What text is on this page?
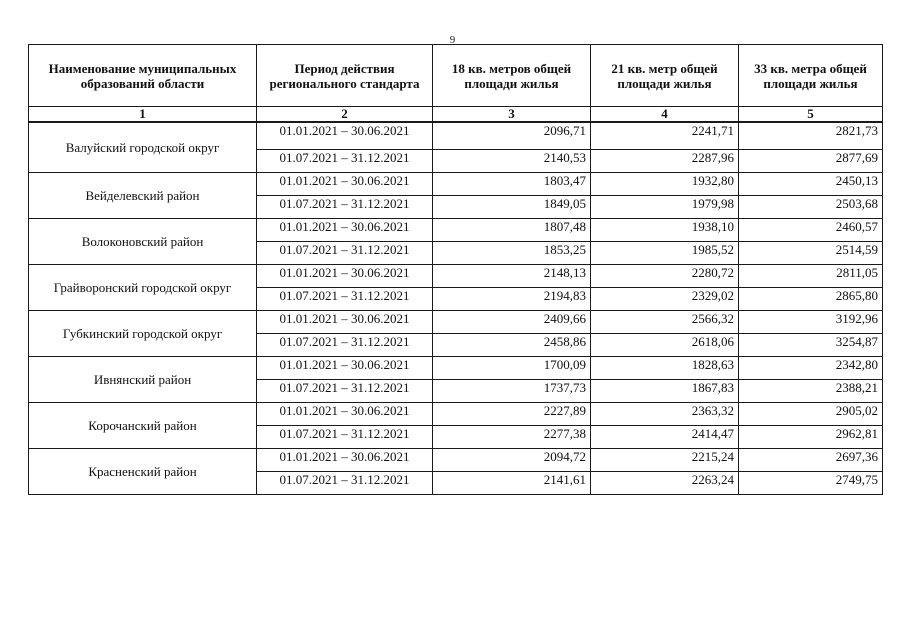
9
Наименование муниципальных образований области	Период действия регионального стандарта	18 кв. метров общей площади жилья	21 кв. метр общей площади жилья	33 кв. метра общей площади жилья
1	2	3	4	5
Валуйский городской округ	01.01.2021 – 30.06.2021	2096,71	2241,71	2821,73
	01.07.2021 – 31.12.2021	2140,53	2287,96	2877,69
Вейделевский район	01.01.2021 – 30.06.2021	1803,47	1932,80	2450,13
	01.07.2021 – 31.12.2021	1849,05	1979,98	2503,68
Волоконовский район	01.01.2021 – 30.06.2021	1807,48	1938,10	2460,57
	01.07.2021 – 31.12.2021	1853,25	1985,52	2514,59
Грайворонский городской округ	01.01.2021 – 30.06.2021	2148,13	2280,72	2811,05
	01.07.2021 – 31.12.2021	2194,83	2329,02	2865,80
Губкинский городской округ	01.01.2021 – 30.06.2021	2409,66	2566,32	3192,96
	01.07.2021 – 31.12.2021	2458,86	2618,06	3254,87
Ивнянский район	01.01.2021 – 30.06.2021	1700,09	1828,63	2342,80
	01.07.2021 – 31.12.2021	1737,73	1867,83	2388,21
Корочанский район	01.01.2021 – 30.06.2021	2227,89	2363,32	2905,02
	01.07.2021 – 31.12.2021	2277,38	2414,47	2962,81
Красненский район	01.01.2021 – 30.06.2021	2094,72	2215,24	2697,36
	01.07.2021 – 31.12.2021	2141,61	2263,24	2749,75
